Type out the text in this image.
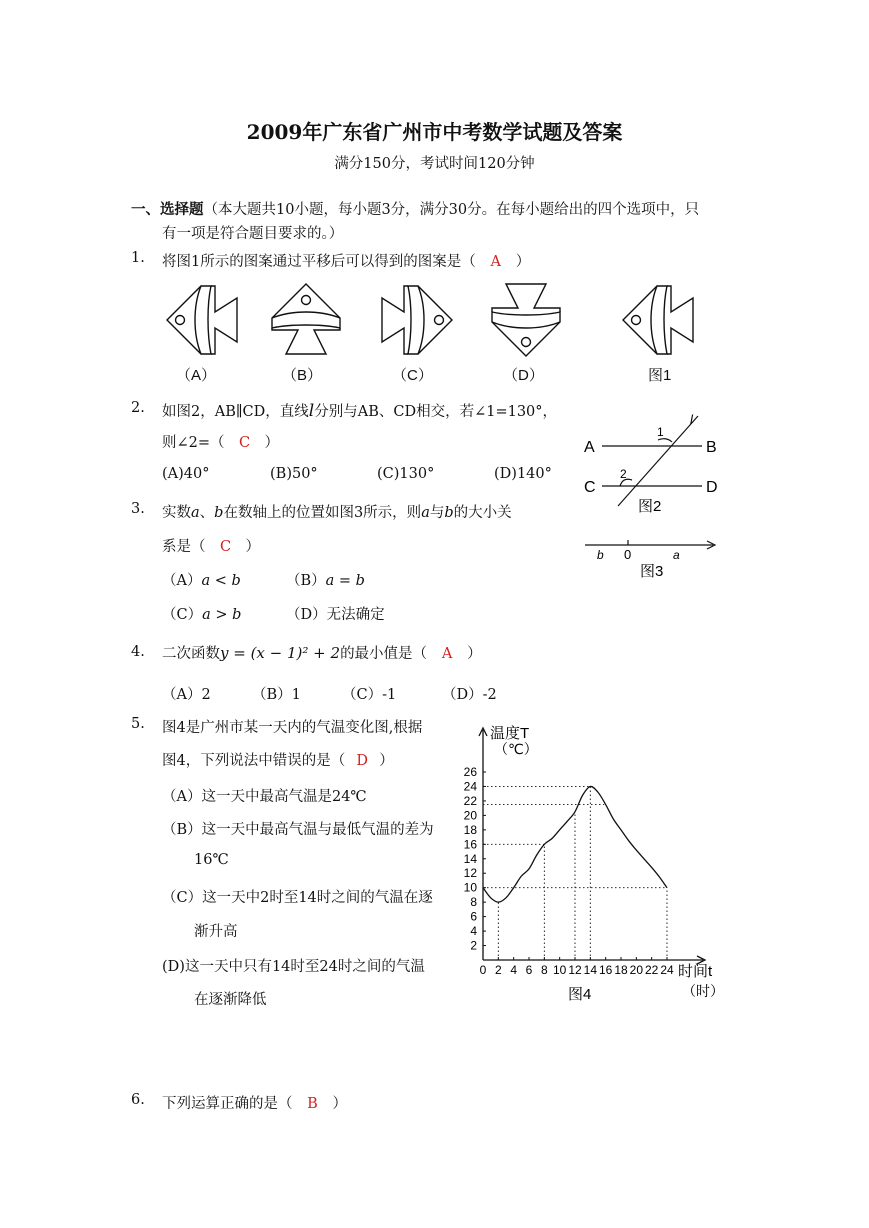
2009年广东省广州市中考数学试题及答案
满分150分，考试时间120分钟
一、选择题（本大题共10小题，每小题3分，满分30分。在每小题给出的四个选项中，只
有一项是符合题目要求的。）
1. 将图1所示的图案通过平移后可以得到的图案是（ A ）
（A）	（B）	（C）	（D）	图1
2. 如图2，AB∥CD，直线l分别与AB、CD相交，若∠1=130°，
则∠2=（ C ）
(A)40°	(B)50°	(C)130°	(D)140°
A	B
C	D
1
2
l
图2
3. 实数a、b在数轴上的位置如图3所示，则a与b的大小关
系是（ C ）
（A）a < b	（B）a = b
（C）a > b	（D）无法确定
b 0	a
图3
4. 二次函数y = (x − 1)² + 2的最小值是（ A ）
（A）2	（B）1	（C）-1	（D）-2
5. 图4是广州市某一天内的气温变化图,根据
图4，下列说法中错误的是（ D ）
（A）这一天中最高气温是24℃
（B）这一天中最高气温与最低气温的差为
16℃
（C）这一天中2时至14时之间的气温在逐
渐升高
(D)这一天中只有14时至24时之间的气温
在逐渐降低
0 2 4 6 8 10 12 14 16 18 20 22 24
2
4
6
8
10
12
14
16
18
20
22
24
26
温度T
（℃）
时间t
（时）
图4
6. 下列运算正确的是（ B ）
